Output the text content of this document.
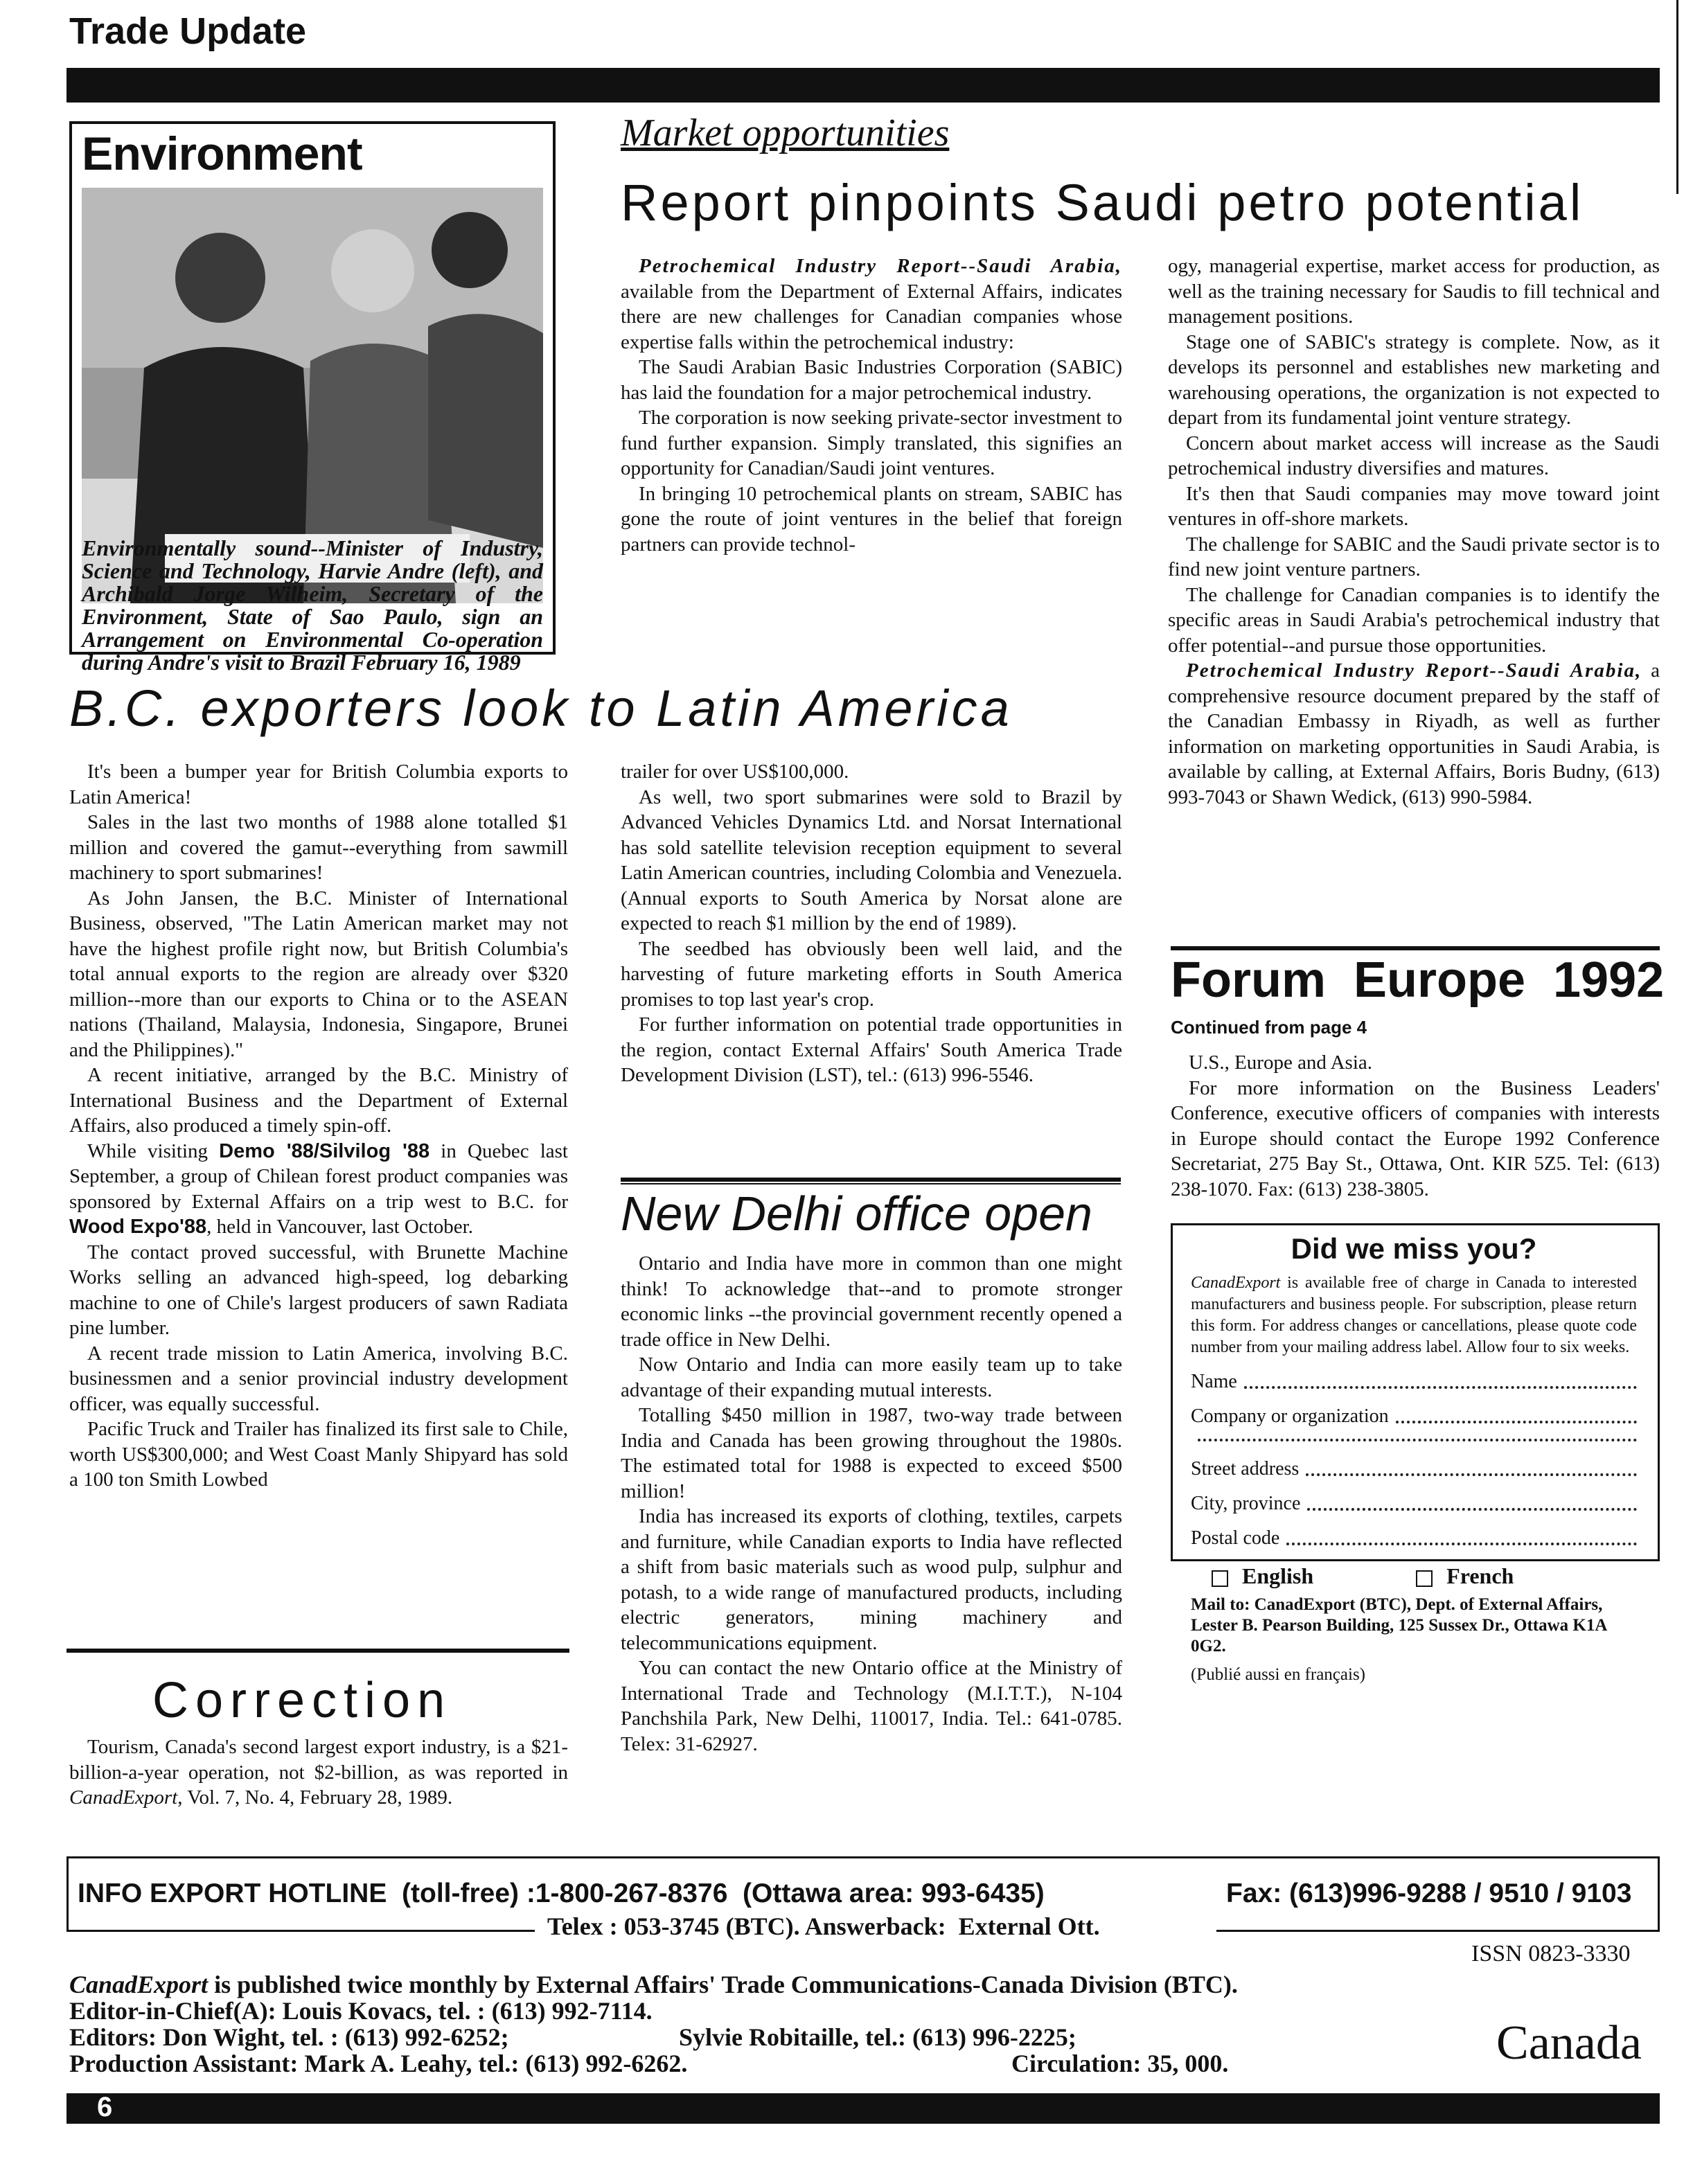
Trade Update
Environment
Environmentally sound--Minister of Industry, Science and Technology, Harvie Andre (left), and Archibald Jorge Wilheim, Secretary of the Environment, State of Sao Paulo, sign an Arrangement on Environmental Co-operation during Andre's visit to Brazil February 16, 1989
Market opportunities
Report pinpoints Saudi petro potential

Petrochemical Industry Report--Saudi Arabia, available from the Department of External Affairs, indicates there are new challenges for Canadian companies whose expertise falls within the petrochemical industry:

The Saudi Arabian Basic Industries Corporation (SABIC) has laid the foundation for a major petrochemical industry.

The corporation is now seeking private-sector investment to fund further expansion. Simply translated, this signifies an opportunity for Canadian/Saudi joint ventures.

In bringing 10 petrochemical plants on stream, SABIC has gone the route of joint ventures in the belief that foreign partners can provide technol-

ogy, managerial expertise, market access for production, as well as the training necessary for Saudis to fill technical and management positions.

Stage one of SABIC's strategy is complete. Now, as it develops its personnel and establishes new marketing and warehousing operations, the organization is not expected to depart from its fundamental joint venture strategy.

Concern about market access will increase as the Saudi petrochemical industry diversifies and matures.

It's then that Saudi companies may move toward joint ventures in off-shore markets.

The challenge for SABIC and the Saudi private sector is to find new joint venture partners.

The challenge for Canadian companies is to identify the specific areas in Saudi Arabia's petrochemical industry that offer potential--and pursue those opportunities.

Petrochemical Industry Report--Saudi Arabia, a comprehensive resource document prepared by the staff of the Canadian Embassy in Riyadh, as well as further information on marketing opportunities in Saudi Arabia, is available by calling, at External Affairs, Boris Budny, (613) 993-7043 or Shawn Wedick, (613) 990-5984.

B.C. exporters look to Latin America

It's been a bumper year for British Columbia exports to Latin America!

Sales in the last two months of 1988 alone totalled $1 million and covered the gamut--everything from sawmill machinery to sport submarines!

As John Jansen, the B.C. Minister of International Business, observed, "The Latin American market may not have the highest profile right now, but British Columbia's total annual exports to the region are already over $320 million--more than our exports to China or to the ASEAN nations (Thailand, Malaysia, Indonesia, Singapore, Brunei and the Philippines)."

A recent initiative, arranged by the B.C. Ministry of International Business and the Department of External Affairs, also produced a timely spin-off.

While visiting Demo '88/Silvilog '88 in Quebec last September, a group of Chilean forest product companies was sponsored by External Affairs on a trip west to B.C. for Wood Expo'88, held in Vancouver, last October.

The contact proved successful, with Brunette Machine Works selling an advanced high-speed, log debarking machine to one of Chile's largest producers of sawn Radiata pine lumber.

A recent trade mission to Latin America, involving B.C. businessmen and a senior provincial industry development officer, was equally successful.

Pacific Truck and Trailer has finalized its first sale to Chile, worth US$300,000; and West Coast Manly Shipyard has sold a 100 ton Smith Lowbed

trailer for over US$100,000.

As well, two sport submarines were sold to Brazil by Advanced Vehicles Dynamics Ltd. and Norsat International has sold satellite television reception equipment to several Latin American countries, including Colombia and Venezuela. (Annual exports to South America by Norsat alone are expected to reach $1 million by the end of 1989).

The seedbed has obviously been well laid, and the harvesting of future marketing efforts in South America promises to top last year's crop.

For further information on potential trade opportunities in the region, contact External Affairs' South America Trade Development Division (LST), tel.: (613) 996-5546.

Correction

Tourism, Canada's second largest export industry, is a $21-billion-a-year operation, not $2-billion, as was reported in CanadExport, Vol. 7, No. 4, February 28, 1989.

New Delhi office open

Ontario and India have more in common than one might think! To acknowledge that--and to promote stronger economic links --the provincial government recently opened a trade office in New Delhi.

Now Ontario and India can more easily team up to take advantage of their expanding mutual interests.

Totalling $450 million in 1987, two-way trade between India and Canada has been growing throughout the 1980s. The estimated total for 1988 is expected to exceed $500 million!

India has increased its exports of clothing, textiles, carpets and furniture, while Canadian exports to India have reflected a shift from basic materials such as wood pulp, sulphur and potash, to a wide range of manufactured products, including electric generators, mining machinery and telecommunications equipment.

You can contact the new Ontario office at the Ministry of International Trade and Technology (M.I.T.T.), N-104 Panchshila Park, New Delhi, 110017, India. Tel.: 641-0785. Telex: 31-62927.

Forum Europe 1992
Continued from page 4

U.S., Europe and Asia.

For more information on the Business Leaders' Conference, executive officers of companies with interests in Europe should contact the Europe 1992 Conference Secretariat, 275 Bay St., Ottawa, Ont. KIR 5Z5. Tel: (613) 238-1070. Fax: (613) 238-3805.

Did we miss you?
CanadExport is available free of charge in Canada to interested manufacturers and business people. For subscription, please return this form. For address changes or cancellations, please quote code number from your mailing address label. Allow four to six weeks.
Name
Company or organization
Street address
City, province
Postal code
English	French
Mail to: CanadExport (BTC), Dept. of External Affairs, Lester B. Pearson Building, 125 Sussex Dr., Ottawa K1A 0G2.
(Publié aussi en français)
INFO EXPORT HOTLINE  (toll-free) :1-800-267-8376  (Ottawa area: 993-6435)	Fax: (613)996-9288 / 9510 / 9103
Telex : 053-3745 (BTC). Answerback:  External Ott.
ISSN 0823-3330
CanadExport is published twice monthly by External Affairs' Trade Communications-Canada Division (BTC).
Editor-in-Chief(A): Louis Kovacs, tel. : (613) 992-7114.
Editors: Don Wight, tel. : (613) 992-6252;	Sylvie Robitaille, tel.: (613) 996-2225;
Production Assistant: Mark A. Leahy, tel.: (613) 992-6262.	Circulation: 35, 000.	Canada
6
